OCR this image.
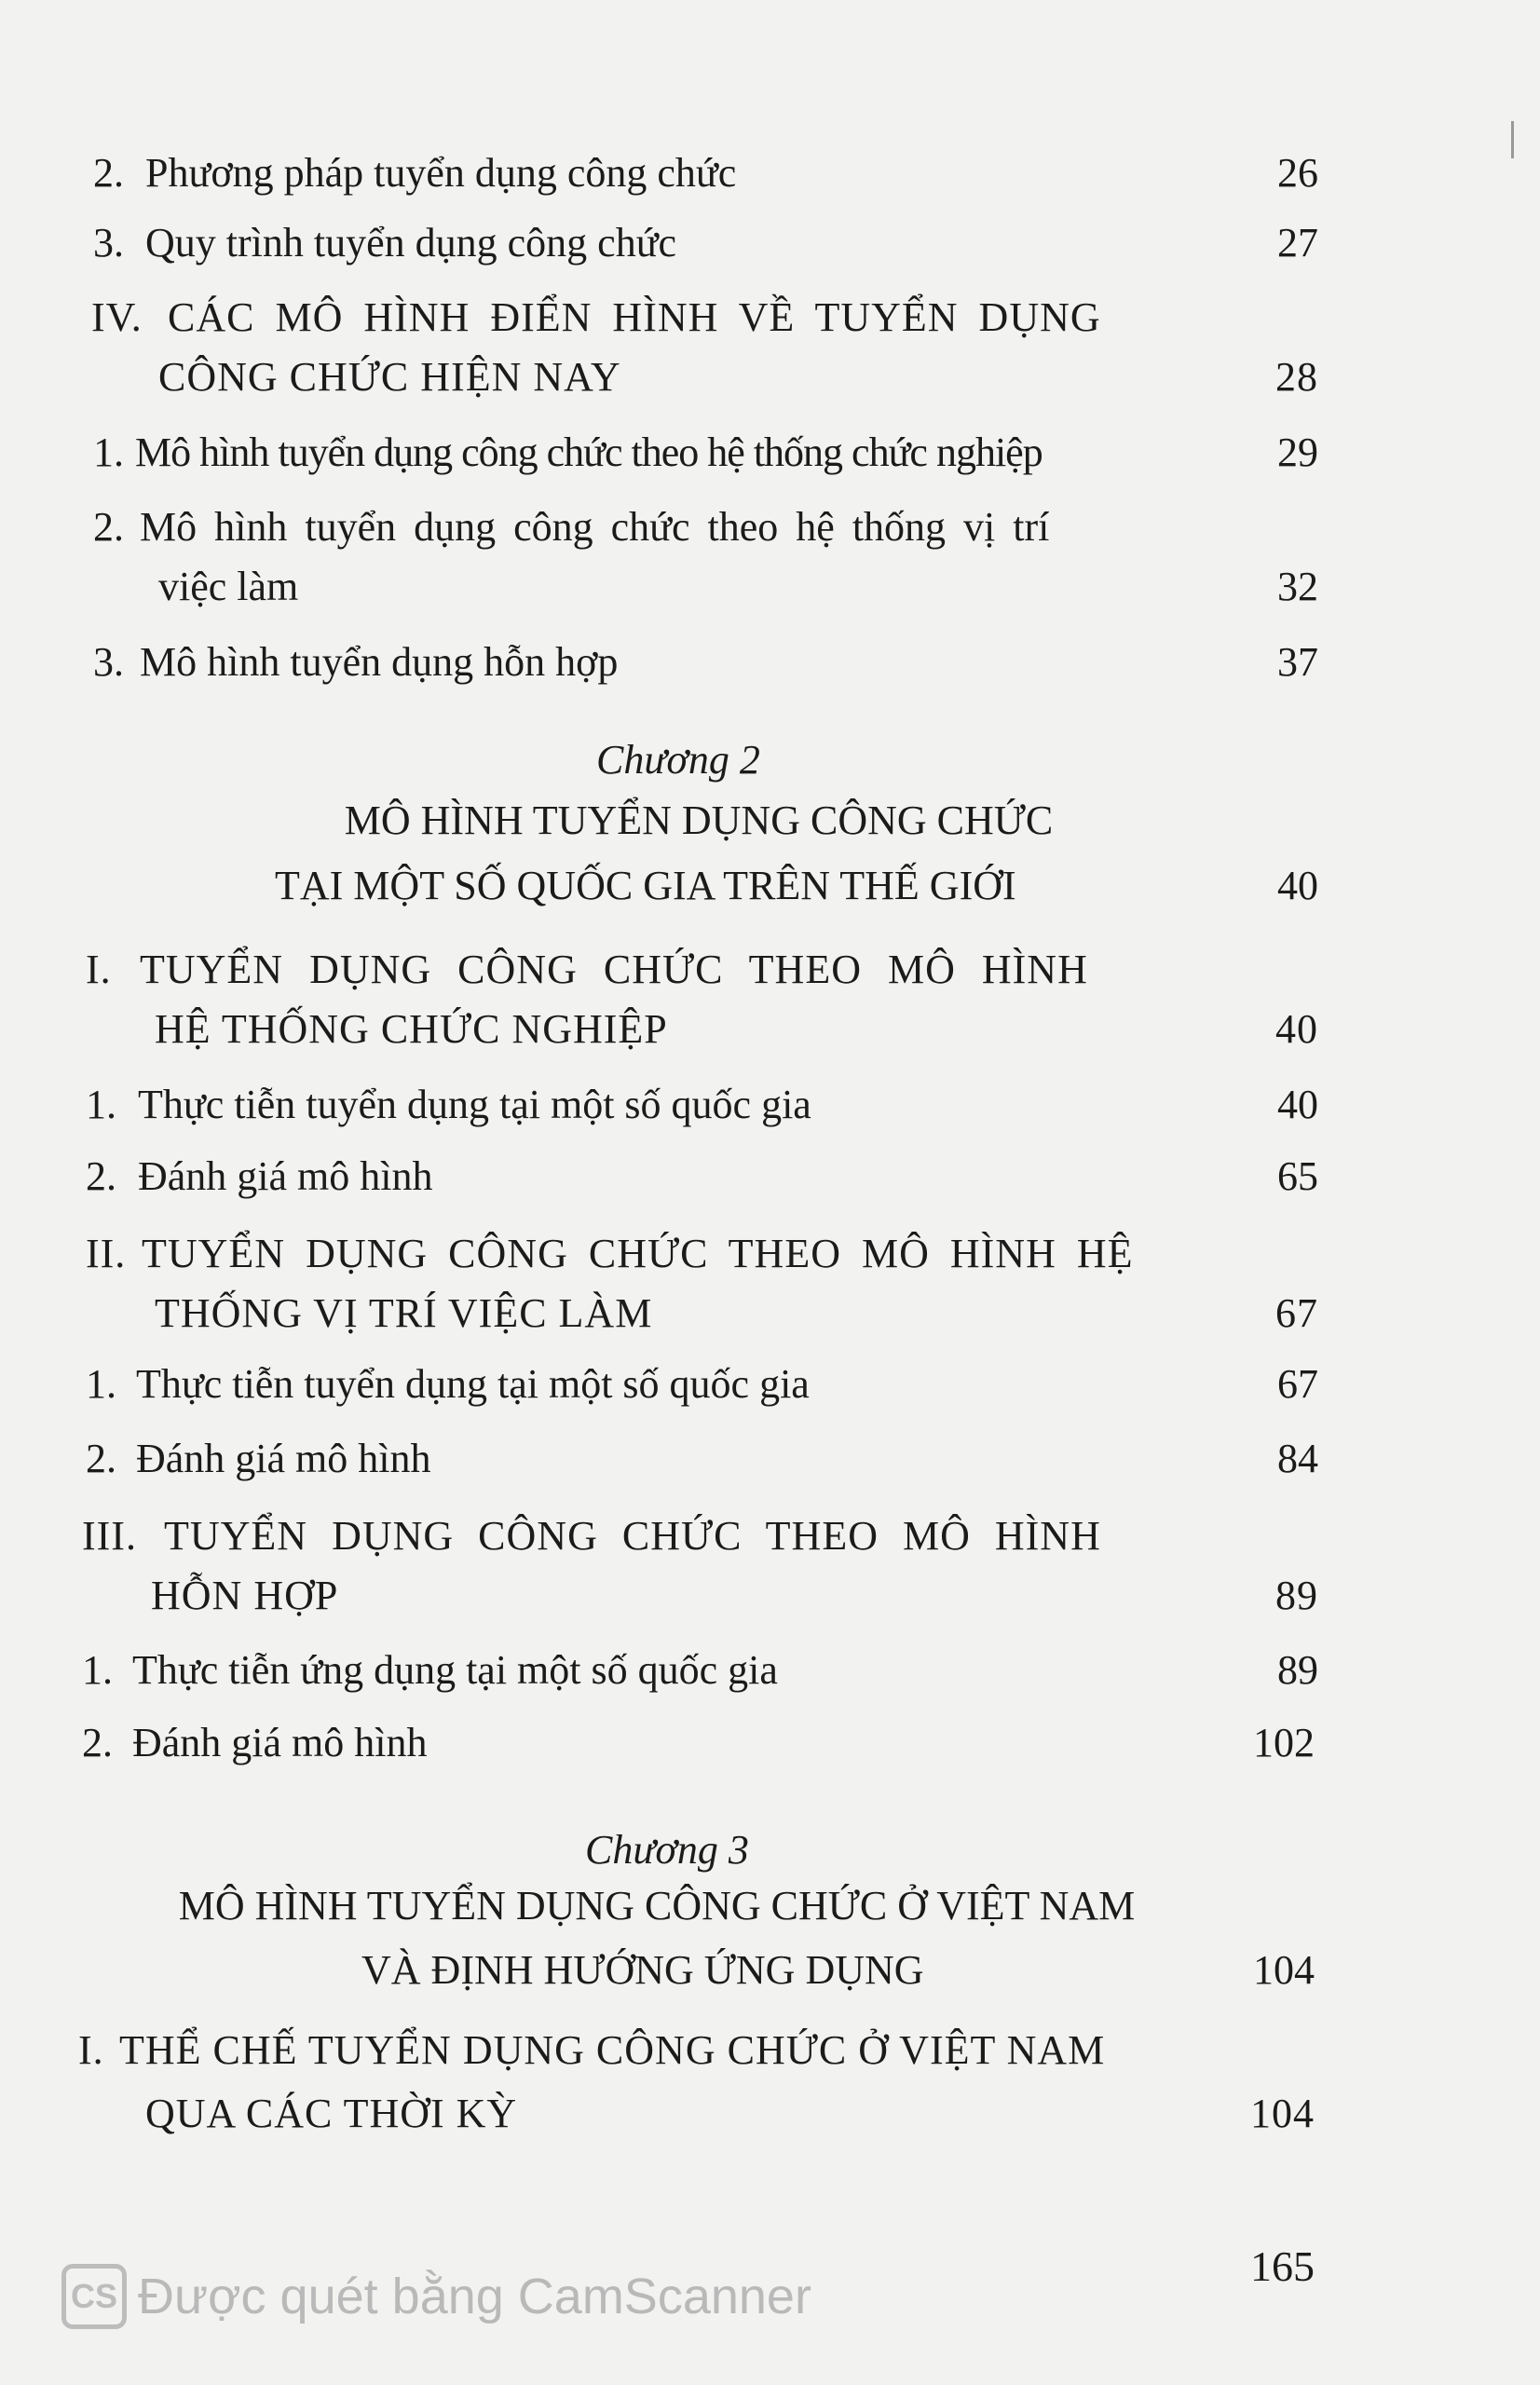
2. Phương pháp tuyển dụng công chức	26
3. Quy trình tuyển dụng công chức	27
IV. CÁC MÔ HÌNH ĐIỂN HÌNH VỀ TUYỂN DỤNG
CÔNG CHỨC HIỆN NAY	28
1. Mô hình tuyển dụng công chức theo hệ thống chức nghiệp	29
2. Mô hình tuyển dụng công chức theo hệ thống vị trí
việc làm	32
3. Mô hình tuyển dụng hỗn hợp	37
Chương 2
MÔ HÌNH TUYỂN DỤNG CÔNG CHỨC
TẠI MỘT SỐ QUỐC GIA TRÊN THẾ GIỚI	40
I. TUYỂN DỤNG CÔNG CHỨC THEO MÔ HÌNH
HỆ THỐNG CHỨC NGHIỆP	40
1. Thực tiễn tuyển dụng tại một số quốc gia	40
2. Đánh giá mô hình	65
II. TUYỂN DỤNG CÔNG CHỨC THEO MÔ HÌNH HỆ
THỐNG VỊ TRÍ VIỆC LÀM	67
1. Thực tiễn tuyển dụng tại một số quốc gia	67
2. Đánh giá mô hình	84
III. TUYỂN DỤNG CÔNG CHỨC THEO MÔ HÌNH
HỖN HỢP	89
1. Thực tiễn ứng dụng tại một số quốc gia	89
2. Đánh giá mô hình	102
Chương 3
MÔ HÌNH TUYỂN DỤNG CÔNG CHỨC Ở VIỆT NAM
VÀ ĐỊNH HƯỚNG ỨNG DỤNG	104
I. THỂ CHẾ TUYỂN DỤNG CÔNG CHỨC Ở VIỆT NAM
QUA CÁC THỜI KỲ	104
165
CS Được quét bằng CamScanner
